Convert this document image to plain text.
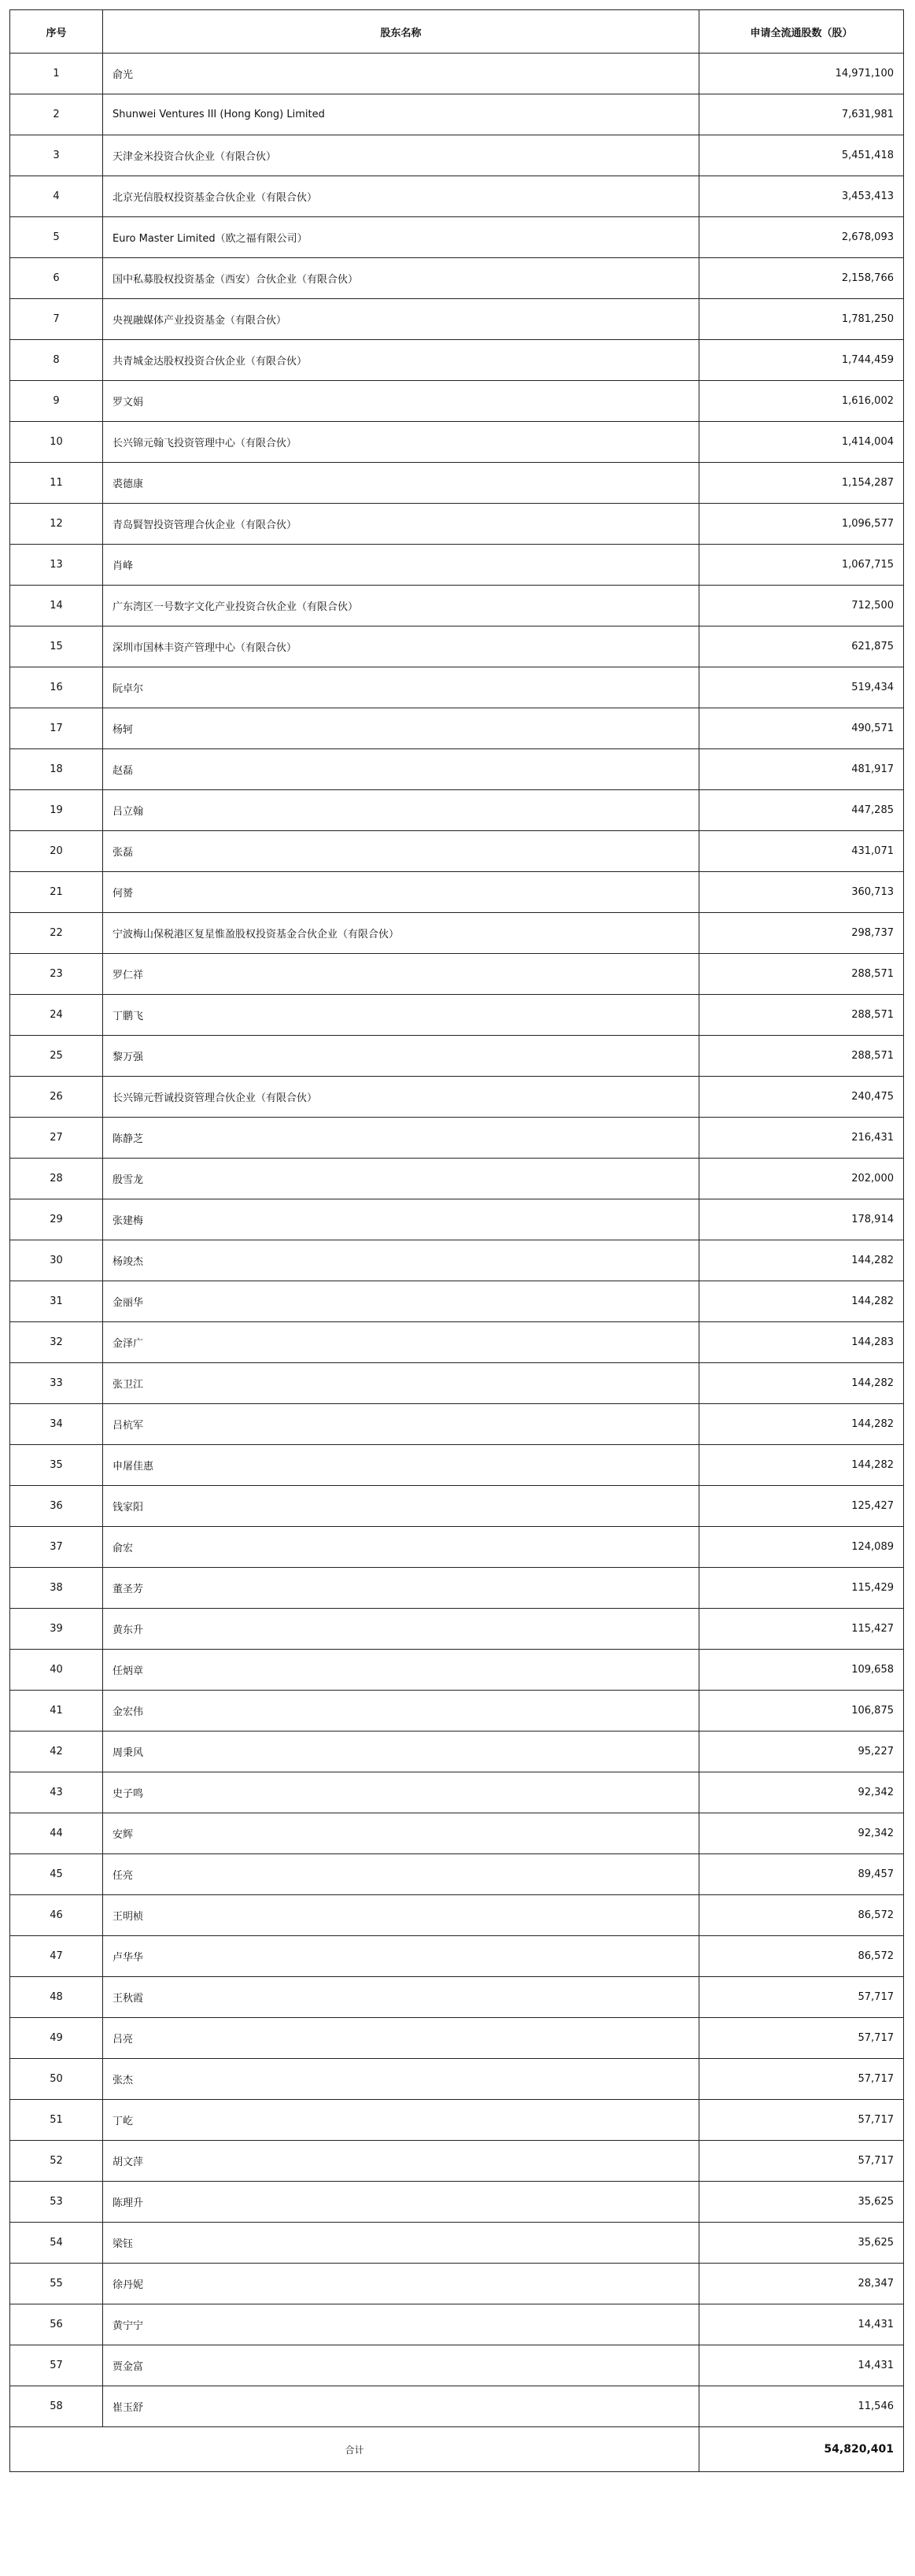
序号	股东名称	申请全流通股数（股）
1	俞光	14,971,100
2	Shunwei Ventures III (Hong Kong) Limited	7,631,981
3	天津金米投资合伙企业（有限合伙）	5,451,418
4	北京光信股权投资基金合伙企业（有限合伙）	3,453,413
5	Euro Master Limited（欧之福有限公司）	2,678,093
6	国中私募股权投资基金（西安）合伙企业（有限合伙）	2,158,766
7	央视融媒体产业投资基金（有限合伙）	1,781,250
8	共青城金达股权投资合伙企业（有限合伙）	1,744,459
9	罗文娟	1,616,002
10	长兴锦元翰飞投资管理中心（有限合伙）	1,414,004
11	裘德康	1,154,287
12	青岛賢智投资管理合伙企业（有限合伙）	1,096,577
13	肖峰	1,067,715
14	广东湾区一号数字文化产业投资合伙企业（有限合伙）	712,500
15	深圳市国林丰资产管理中心（有限合伙）	621,875
16	阮卓尔	519,434
17	杨轲	490,571
18	赵磊	481,917
19	吕立翰	447,285
20	张磊	431,071
21	何赟	360,713
22	宁波梅山保税港区复星惟盈股权投资基金合伙企业（有限合伙）	298,737
23	罗仁祥	288,571
24	丁鹏飞	288,571
25	黎万强	288,571
26	长兴锦元哲诚投资管理合伙企业（有限合伙）	240,475
27	陈静芝	216,431
28	殷雪龙	202,000
29	张建梅	178,914
30	杨竣杰	144,282
31	金丽华	144,282
32	金泽广	144,283
33	张卫江	144,282
34	吕杭军	144,282
35	申屠佳惠	144,282
36	钱家阳	125,427
37	俞宏	124,089
38	董圣芳	115,429
39	黄东升	115,427
40	任炳章	109,658
41	金宏伟	106,875
42	周秉风	95,227
43	史子鸣	92,342
44	安辉	92,342
45	任亮	89,457
46	王明桢	86,572
47	卢华华	86,572
48	王秋霞	57,717
49	吕亮	57,717
50	张杰	57,717
51	丁屹	57,717
52	胡文萍	57,717
53	陈理升	35,625
54	梁钰	35,625
55	徐丹妮	28,347
56	黄宁宁	14,431
57	贾金富	14,431
58	崔玉舒	11,546
合计		54,820,401
